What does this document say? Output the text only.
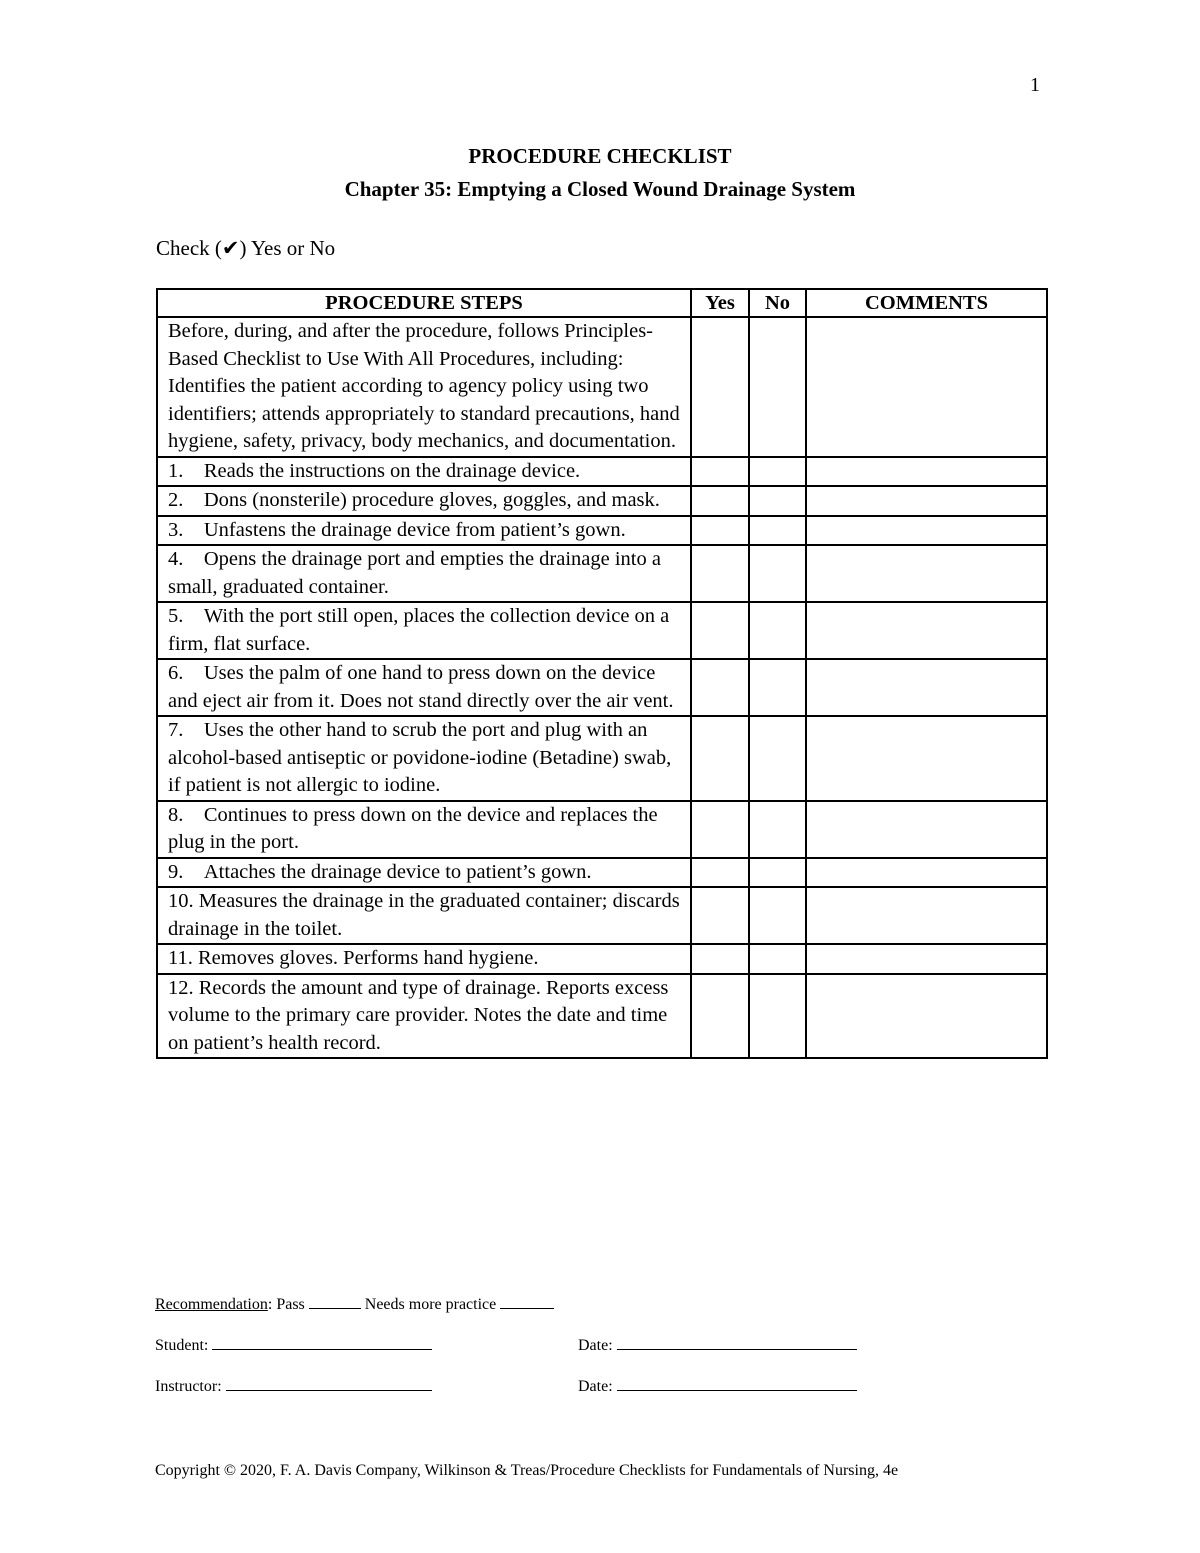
1
PROCEDURE CHECKLIST
Chapter 35: Emptying a Closed Wound Drainage System
Check (✔) Yes or No
PROCEDURE STEPS	Yes	No	COMMENTS
Before, during, and after the procedure, follows Principles-Based Checklist to Use With All Procedures, including: Identifies the patient according to agency policy using two identifiers; attends appropriately to standard precautions, hand hygiene, safety, privacy, body mechanics, and documentation.			
1. Reads the instructions on the drainage device.			
2. Dons (nonsterile) procedure gloves, goggles, and mask.			
3. Unfastens the drainage device from patient’s gown.			
4. Opens the drainage port and empties the drainage into a small, graduated container.			
5. With the port still open, places the collection device on a firm, flat surface.			
6. Uses the palm of one hand to press down on the device and eject air from it. Does not stand directly over the air vent.			
7. Uses the other hand to scrub the port and plug with an alcohol-based antiseptic or povidone-iodine (Betadine) swab, if patient is not allergic to iodine.			
8. Continues to press down on the device and replaces the plug in the port.			
9. Attaches the drainage device to patient’s gown.			
10. Measures the drainage in the graduated container; discards drainage in the toilet.			
11. Removes gloves. Performs hand hygiene.			
12. Records the amount and type of drainage. Reports excess volume to the primary care provider. Notes the date and time on patient’s health record.			
Recommendation: Pass	Needs more practice
Student:	Date:
Instructor:	Date:
Copyright © 2020, F. A. Davis Company, Wilkinson & Treas/Procedure Checklists for Fundamentals of Nursing, 4e
